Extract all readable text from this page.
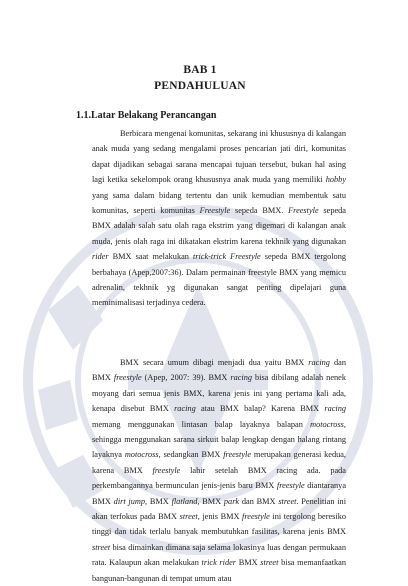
BAB 1
PENDAHULUAN
1.1.Latar Belakang Perancangan

Berbicara mengenai komunitas, sekarang ini khususnya di kalangan anak muda yang sedang mengalami proses pencarian jati diri, komunitas dapat dijadikan sebagai sarana mencapai tujuan tersebut, bukan hal asing lagi ketika sekelompok orang khususnya anak muda yang memiliki hobby yang sama dalam bidang tertentu dan unik kemudian membentuk satu komunitas, seperti komunitas Freestyle sepeda BMX. Freestyle sepeda BMX adalah salah satu olah raga ekstrim yang digemari di kalangan anak muda, jenis olah raga ini dikatakan ekstrim karena tekhnik yang digunakan rider BMX saat melakukan trick-trick Freestyle sepeda BMX tergolong berbahaya (Apep,2007:36). Dalam permainan freestyle BMX yang memicu adrenalin, tekhnik yg digunakan sangat penting dipelajari guna meminimalisasi terjadinya cedera.

BMX secara umum dibagi menjadi dua yaitu BMX racing dan BMX freestyle (Apep, 2007: 39). BMX racing bisa dibilang adalah nenek moyang dari semua jenis BMX, karena jenis ini yang pertama kali ada, kenapa disebut BMX racing atau BMX balap? Karena BMX racing memang menggunakan lintasan balap layaknya balapan motocross, sehingga menggunakan sarana sirkuit balap lengkap dengan halang rintang layaknya motocross, sedangkan BMX freestyle merupakan generasi kedua, karena BMX freestyle lahir setelah BMX racing ada. pada perkembangannya bermunculan jenis-jenis baru BMX freestyle diantaranya BMX dirt jump, BMX flatland, BMX park dan BMX street. Penelitian ini akan terfokus pada BMX street, jenis BMX freestyle ini tergolong beresiko tinggi dan tidak terlalu banyak membutuhkan fasilitas, karena jenis BMX street bisa dimainkan dimana saja selama lokasinya luas dengan permukaan rata. Kalaupun akan melakukan trick rider BMX street bisa memanfaatkan bangunan-bangunan di tempat umum atau
